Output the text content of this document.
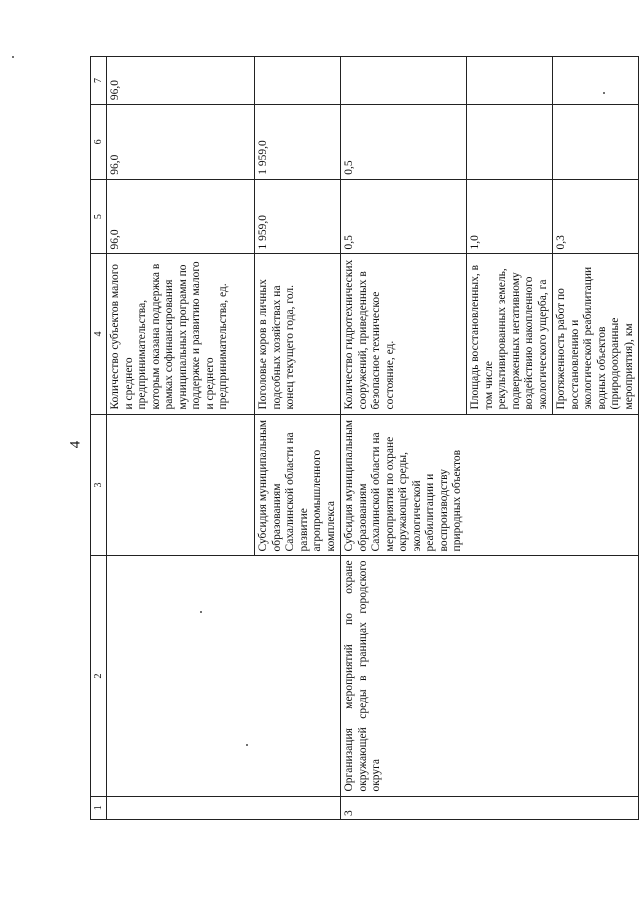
4
1	2	3	4	5	6	7
			Количество субъектов малого и среднего предпринимательства, которым оказана поддержка в рамках софинансирования муниципальных программ по поддержке и развитию малого и среднего предпринимательства, ед.	96,0	96,0	96,0
		Субсидия муниципальным образованиям Сахалинской области на развитие агропромышленного комплекса	Поголовье коров в личных подсобных хозяйствах на конец текущего года, гол.	1 959,0	1 959,0	
3	Организация мероприятий по охране окружающей среды в границах городского округа	Субсидия муниципальным образованиям Сахалинской области на мероприятия по охране окружающей среды, экологической реабилитации и воспроизводству природных объектов	Количество гидротехнических сооружений, приведенных в безопасное техническое состояние, ед.	0,5	0,5	
			Площадь восстановленных, в том числе рекультивированных земель, подверженных негативному воздействию накопленного экологического ущерба, га	1,0		
			Протяженность работ по восстановлению и экологической реабилитации водных объектов (природоохранные мероприятия), км	0,3		
